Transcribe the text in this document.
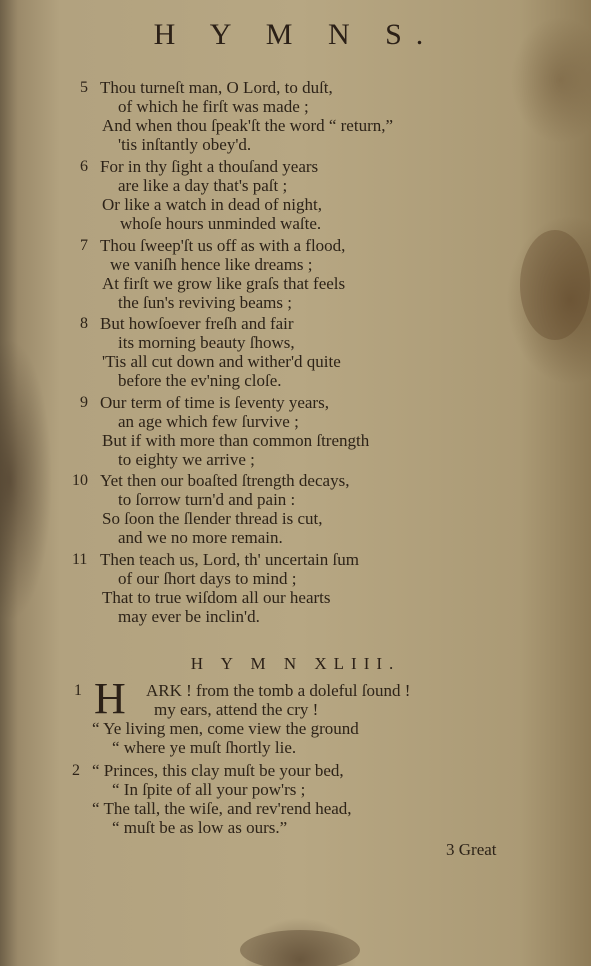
H Y M N S.
5 Thou turneſt man, O Lord, to duſt,
of which he firſt was made ;
And when thou ſpeak'ſt the word “ return,”
'tis inſtantly obey'd.
6 For in thy ſight a thouſand years
are like a day that's paſt ;
Or like a watch in dead of night,
whoſe hours unminded waſte.
7 Thou ſweep'ſt us off as with a flood,
we vaniſh hence like dreams ;
At firſt we grow like graſs that feels
the ſun's reviving beams ;
8 But howſoever freſh and fair
its morning beauty ſhows,
'Tis all cut down and wither'd quite
before the ev'ning cloſe.
9 Our term of time is ſeventy years,
an age which few ſurvive ;
But if with more than common ſtrength
to eighty we arrive ;
10 Yet then our boaſted ſtrength decays,
to ſorrow turn'd and pain :
So ſoon the ſlender thread is cut,
and we no more remain.
11 Then teach us, Lord, th' uncertain ſum
of our ſhort days to mind ;
That to true wiſdom all our hearts
may ever be inclin'd.
H Y M N XLIII.
1 H ARK ! from the tomb a doleful ſound !
my ears, attend the cry !
“ Ye living men, come view the ground
“ where ye muſt ſhortly lie.
2 “ Princes, this clay muſt be your bed,
“ In ſpite of all your pow'rs ;
“ The tall, the wiſe, and rev'rend head,
“ muſt be as low as ours.”
3 Great
